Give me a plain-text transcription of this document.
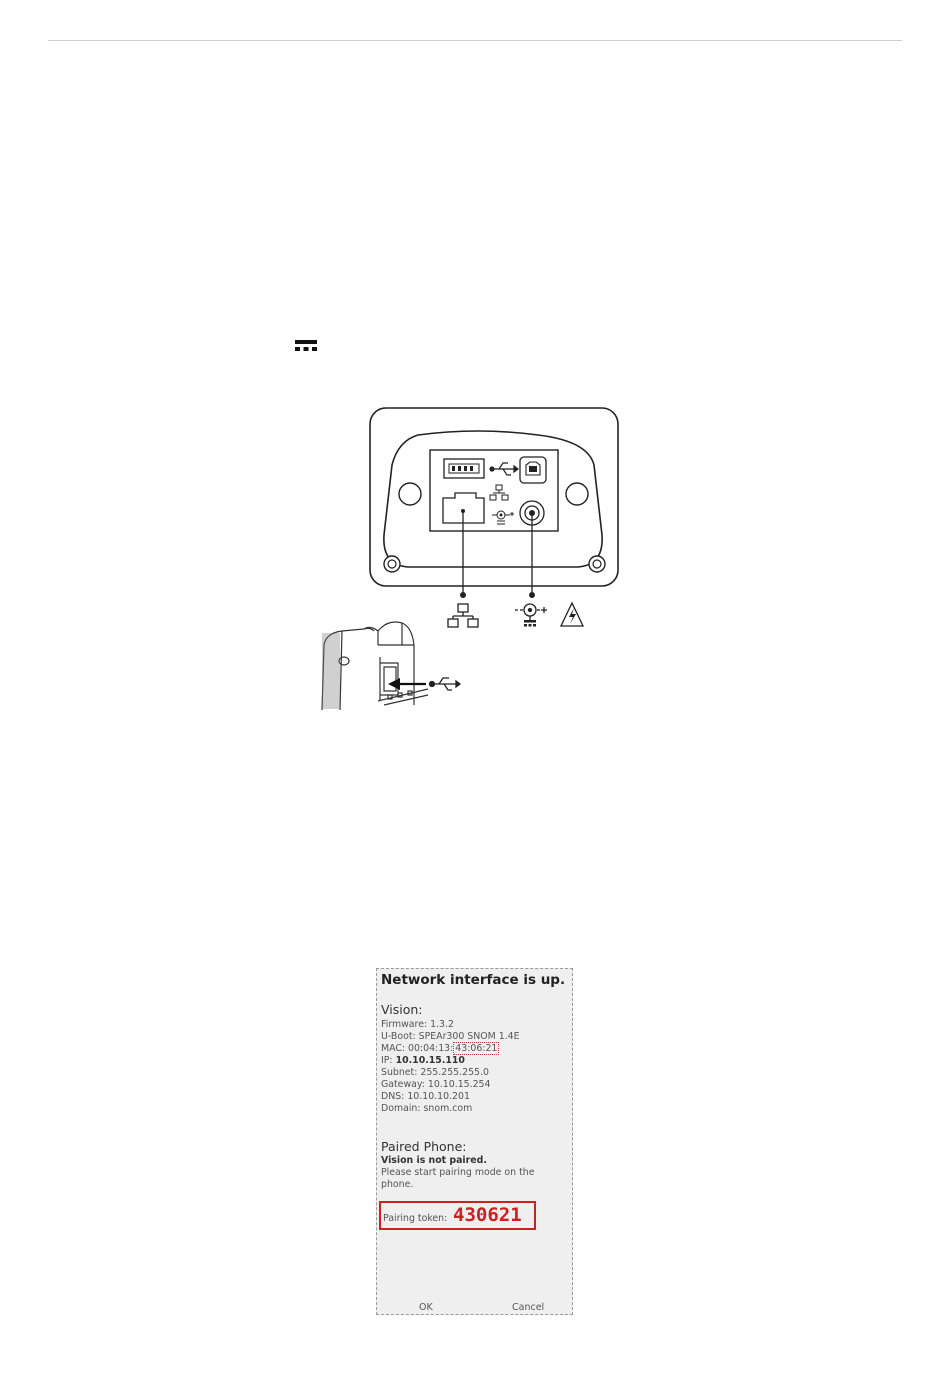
Network interface is up.
Vision:
Firmware: 1.3.2
U-Boot: SPEAr300 SNOM 1.4E
MAC: 00:04:13: 43:06:21
IP: 10.10.15.110
Subnet: 255.255.255.0
Gateway: 10.10.15.254
DNS: 10.10.10.201
Domain: snom.com
Paired Phone:
Vision is not paired.
Please start pairing mode on the
phone.
Pairing token: 430621
OK	Cancel
